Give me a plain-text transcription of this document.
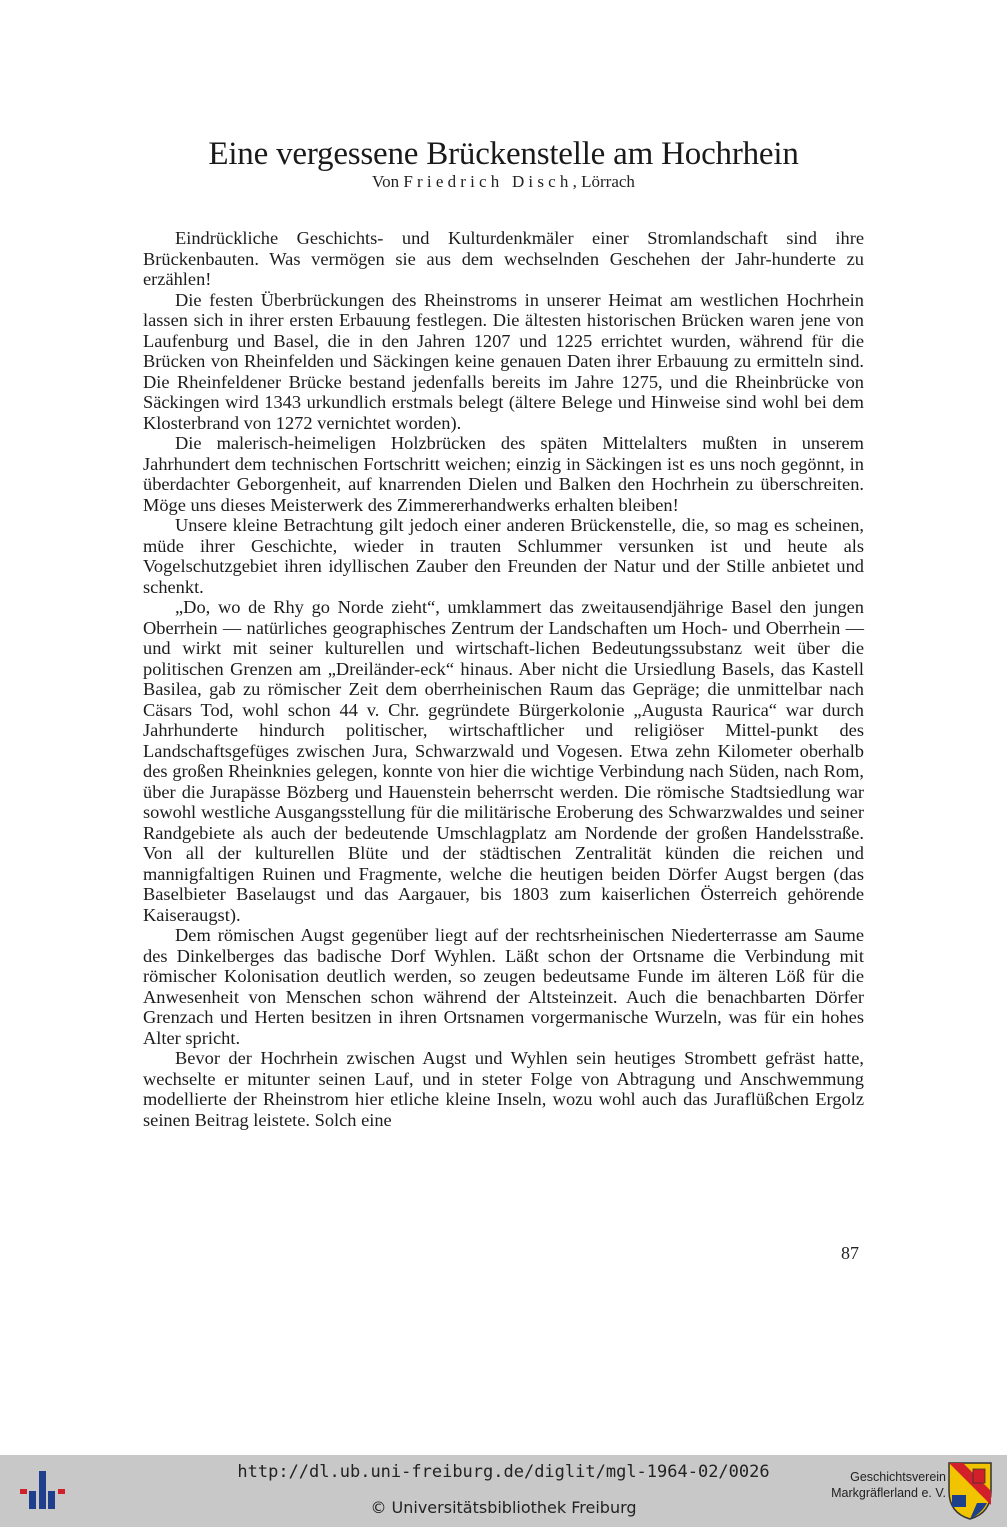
Eine vergessene Brückenstelle am Hochrhein
Von Friedrich Disch, Lörrach

Eindrückliche Geschichts- und Kulturdenkmäler einer Stromlandschaft sind ihre Brückenbauten. Was vermögen sie aus dem wechselnden Geschehen der Jahr-hunderte zu erzählen!

Die festen Überbrückungen des Rheinstroms in unserer Heimat am westlichen Hochrhein lassen sich in ihrer ersten Erbauung festlegen. Die ältesten historischen Brücken waren jene von Laufenburg und Basel, die in den Jahren 1207 und 1225 errichtet wurden, während für die Brücken von Rheinfelden und Säckingen keine genauen Daten ihrer Erbauung zu ermitteln sind. Die Rheinfeldener Brücke bestand jedenfalls bereits im Jahre 1275, und die Rheinbrücke von Säckingen wird 1343 urkundlich erstmals belegt (ältere Belege und Hinweise sind wohl bei dem Klosterbrand von 1272 vernichtet worden).

Die malerisch-heimeligen Holzbrücken des späten Mittelalters mußten in unserem Jahrhundert dem technischen Fortschritt weichen; einzig in Säckingen ist es uns noch gegönnt, in überdachter Geborgenheit, auf knarrenden Dielen und Balken den Hochrhein zu überschreiten. Möge uns dieses Meisterwerk des Zimmererhandwerks erhalten bleiben!

Unsere kleine Betrachtung gilt jedoch einer anderen Brückenstelle, die, so mag es scheinen, müde ihrer Geschichte, wieder in trauten Schlummer versunken ist und heute als Vogelschutzgebiet ihren idyllischen Zauber den Freunden der Natur und der Stille anbietet und schenkt.

„Do, wo de Rhy go Norde zieht“, umklammert das zweitausendjährige Basel den jungen Oberrhein — natürliches geographisches Zentrum der Landschaften um Hoch- und Oberrhein — und wirkt mit seiner kulturellen und wirtschaft-lichen Bedeutungssubstanz weit über die politischen Grenzen am „Dreiländer-eck“ hinaus. Aber nicht die Ursiedlung Basels, das Kastell Basilea, gab zu römischer Zeit dem oberrheinischen Raum das Gepräge; die unmittelbar nach Cäsars Tod, wohl schon 44 v. Chr. gegründete Bürgerkolonie „Augusta Raurica“ war durch Jahrhunderte hindurch politischer, wirtschaftlicher und religiöser Mittel-punkt des Landschaftsgefüges zwischen Jura, Schwarzwald und Vogesen. Etwa zehn Kilometer oberhalb des großen Rheinknies gelegen, konnte von hier die wichtige Verbindung nach Süden, nach Rom, über die Jurapässe Bözberg und Hauenstein beherrscht werden. Die römische Stadtsiedlung war sowohl westliche Ausgangsstellung für die militärische Eroberung des Schwarzwaldes und seiner Randgebiete als auch der bedeutende Umschlagplatz am Nordende der großen Handelsstraße. Von all der kulturellen Blüte und der städtischen Zentralität künden die reichen und mannigfaltigen Ruinen und Fragmente, welche die heutigen beiden Dörfer Augst bergen (das Baselbieter Baselaugst und das Aargauer, bis 1803 zum kaiserlichen Österreich gehörende Kaiseraugst).

Dem römischen Augst gegenüber liegt auf der rechtsrheinischen Niederterrasse am Saume des Dinkelberges das badische Dorf Wyhlen. Läßt schon der Ortsname die Verbindung mit römischer Kolonisation deutlich werden, so zeugen bedeutsame Funde im älteren Löß für die Anwesenheit von Menschen schon während der Altsteinzeit. Auch die benachbarten Dörfer Grenzach und Herten besitzen in ihren Ortsnamen vorgermanische Wurzeln, was für ein hohes Alter spricht.

Bevor der Hochrhein zwischen Augst und Wyhlen sein heutiges Strombett gefräst hatte, wechselte er mitunter seinen Lauf, und in steter Folge von Abtragung und Anschwemmung modellierte der Rheinstrom hier etliche kleine Inseln, wozu wohl auch das Juraflüßchen Ergolz seinen Beitrag leistete. Solch eine

87
http://dl.ub.uni-freiburg.de/diglit/mgl-1964-02/0026
© Universitätsbibliothek Freiburg
Geschichtsverein
Markgräflerland e. V.
